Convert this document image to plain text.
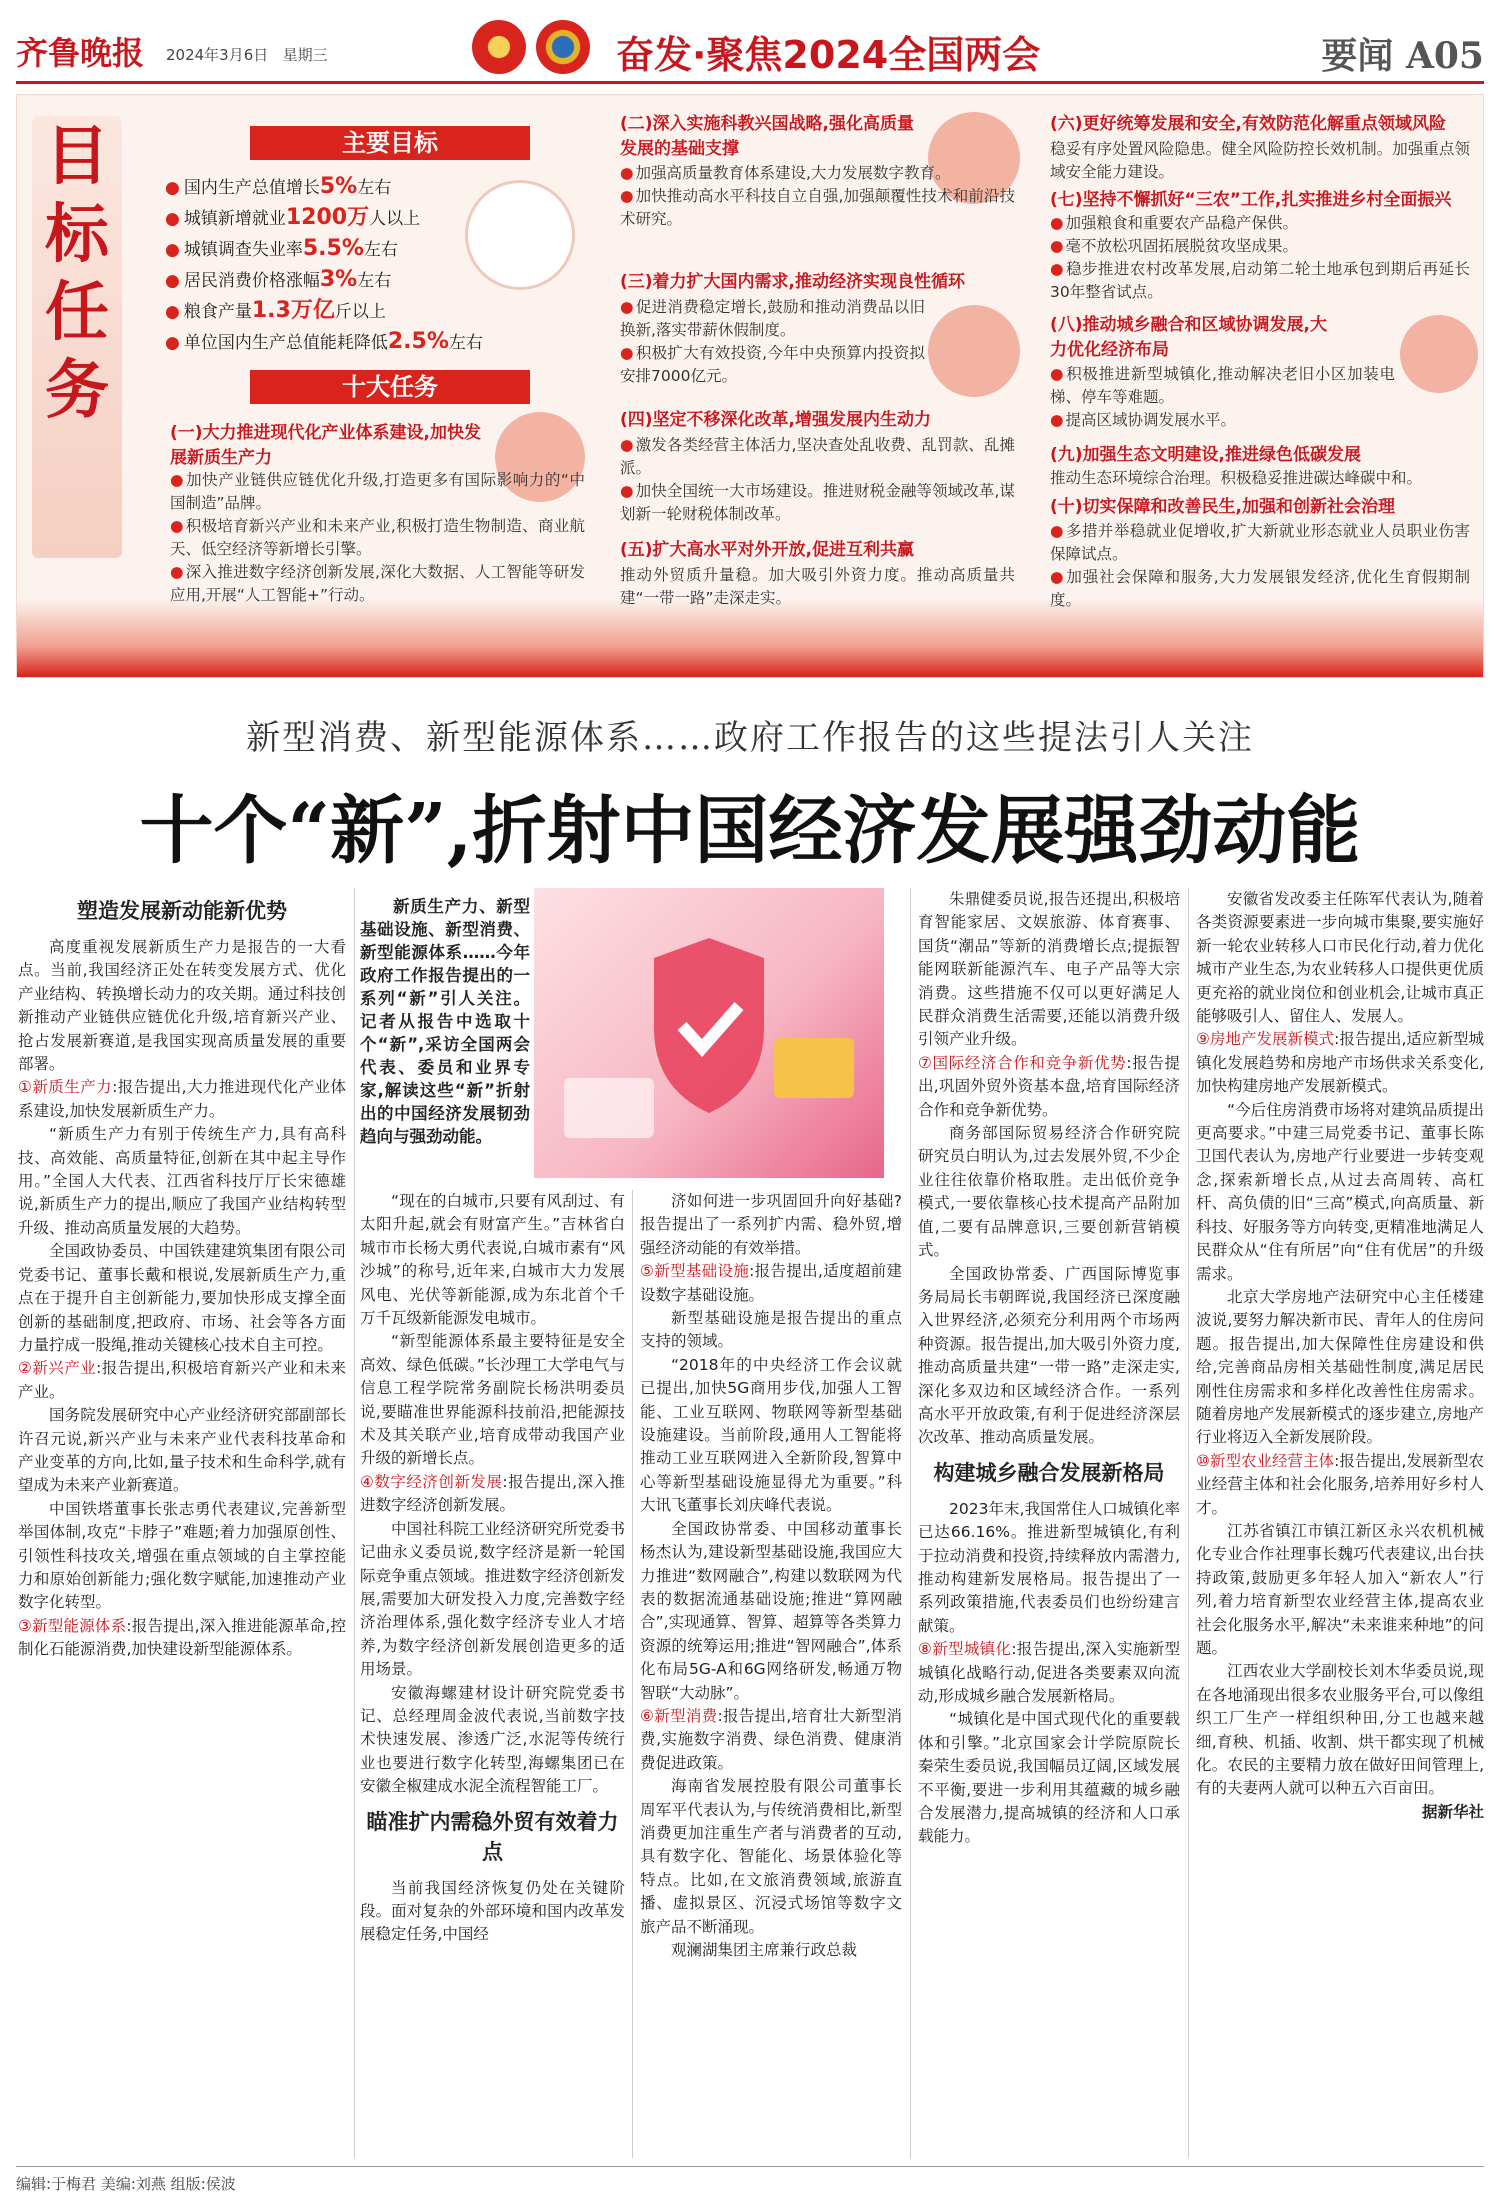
齐鲁晚报 2024年3月6日 星期三	奋发·聚焦2024全国两会	要闻 A05
目
标
任
务
主要目标
● 国内生产总值增长5%左右
● 城镇新增就业1200万人以上
● 城镇调查失业率5.5%左右
● 居民消费价格涨幅3%左右
● 粮食产量1.3万亿斤以上
● 单位国内生产总值能耗降低2.5%左右
十大任务
(一)大力推进现代化产业体系建设,加快发展新质生产力

● 加快产业链供应链优化升级,打造更多有国际影响力的“中国制造”品牌。

● 积极培育新兴产业和未来产业,积极打造生物制造、商业航天、低空经济等新增长引擎。

● 深入推进数字经济创新发展,深化大数据、人工智能等研发应用,开展“人工智能+”行动。

(二)深入实施科教兴国战略,强化高质量发展的基础支撑

● 加强高质量教育体系建设,大力发展数字教育。

● 加快推动高水平科技自立自强,加强颠覆性技术和前沿技术研究。

(三)着力扩大国内需求,推动经济实现良性循环

● 促进消费稳定增长,鼓励和推动消费品以旧换新,落实带薪休假制度。

● 积极扩大有效投资,今年中央预算内投资拟安排7000亿元。

(四)坚定不移深化改革,增强发展内生动力

● 激发各类经营主体活力,坚决查处乱收费、乱罚款、乱摊派。

● 加快全国统一大市场建设。推进财税金融等领域改革,谋划新一轮财税体制改革。

(五)扩大高水平对外开放,促进互利共赢
推动外贸质升量稳。加大吸引外资力度。推动高质量共建“一带一路”走深走实。
(六)更好统筹发展和安全,有效防范化解重点领域风险
稳妥有序处置风险隐患。健全风险防控长效机制。加强重点领域安全能力建设。
(七)坚持不懈抓好“三农”工作,扎实推进乡村全面振兴

● 加强粮食和重要农产品稳产保供。

● 毫不放松巩固拓展脱贫攻坚成果。

● 稳步推进农村改革发展,启动第二轮土地承包到期后再延长30年整省试点。

(八)推动城乡融合和区域协调发展,大力优化经济布局

● 积极推进新型城镇化,推动解决老旧小区加装电梯、停车等难题。

● 提高区域协调发展水平。

(九)加强生态文明建设,推进绿色低碳发展
推动生态环境综合治理。积极稳妥推进碳达峰碳中和。
(十)切实保障和改善民生,加强和创新社会治理

● 多措并举稳就业促增收,扩大新就业形态就业人员职业伤害保障试点。

● 加强社会保障和服务,大力发展银发经济,优化生育假期制度。

新型消费、新型能源体系……政府工作报告的这些提法引人关注
十个“新”,折射中国经济发展强劲动能
塑造发展新动能新优势

高度重视发展新质生产力是报告的一大看点。当前,我国经济正处在转变发展方式、优化产业结构、转换增长动力的攻关期。通过科技创新推动产业链供应链优化升级,培育新兴产业、抢占发展新赛道,是我国实现高质量发展的重要部署。

①新质生产力:报告提出,大力推进现代化产业体系建设,加快发展新质生产力。

“新质生产力有别于传统生产力,具有高科技、高效能、高质量特征,创新在其中起主导作用。”全国人大代表、江西省科技厅厅长宋德雄说,新质生产力的提出,顺应了我国产业结构转型升级、推动高质量发展的大趋势。

全国政协委员、中国铁建建筑集团有限公司党委书记、董事长戴和根说,发展新质生产力,重点在于提升自主创新能力,要加快形成支撑全面创新的基础制度,把政府、市场、社会等各方面力量拧成一股绳,推动关键核心技术自主可控。

②新兴产业:报告提出,积极培育新兴产业和未来产业。

国务院发展研究中心产业经济研究部副部长许召元说,新兴产业与未来产业代表科技革命和产业变革的方向,比如,量子技术和生命科学,就有望成为未来产业新赛道。

中国铁塔董事长张志勇代表建议,完善新型举国体制,攻克“卡脖子”难题;着力加强原创性、引领性科技攻关,增强在重点领域的自主掌控能力和原始创新能力;强化数字赋能,加速推动产业数字化转型。

③新型能源体系:报告提出,深入推进能源革命,控制化石能源消费,加快建设新型能源体系。

新质生产力、新型基础设施、新型消费、新型能源体系……今年政府工作报告提出的一系列“新”引人关注。记者从报告中选取十个“新”,采访全国两会代表、委员和业界专家,解读这些“新”折射出的中国经济发展韧劲趋向与强劲动能。

“现在的白城市,只要有风刮过、有太阳升起,就会有财富产生。”吉林省白城市市长杨大勇代表说,白城市素有“风沙城”的称号,近年来,白城市大力发展风电、光伏等新能源,成为东北首个千万千瓦级新能源发电城市。

“新型能源体系最主要特征是安全高效、绿色低碳。”长沙理工大学电气与信息工程学院常务副院长杨洪明委员说,要瞄准世界能源科技前沿,把能源技术及其关联产业,培育成带动我国产业升级的新增长点。

④数字经济创新发展:报告提出,深入推进数字经济创新发展。

中国社科院工业经济研究所党委书记曲永义委员说,数字经济是新一轮国际竞争重点领域。推进数字经济创新发展,需要加大研发投入力度,完善数字经济治理体系,强化数字经济专业人才培养,为数字经济创新发展创造更多的适用场景。

安徽海螺建材设计研究院党委书记、总经理周金波代表说,当前数字技术快速发展、渗透广泛,水泥等传统行业也要进行数字化转型,海螺集团已在安徽全椒建成水泥全流程智能工厂。

瞄准扩内需稳外贸有效着力点

当前我国经济恢复仍处在关键阶段。面对复杂的外部环境和国内改革发展稳定任务,中国经

济如何进一步巩固回升向好基础?报告提出了一系列扩内需、稳外贸,增强经济动能的有效举措。

⑤新型基础设施:报告提出,适度超前建设数字基础设施。

新型基础设施是报告提出的重点支持的领域。

“2018年的中央经济工作会议就已提出,加快5G商用步伐,加强人工智能、工业互联网、物联网等新型基础设施建设。当前阶段,通用人工智能将推动工业互联网进入全新阶段,智算中心等新型基础设施显得尤为重要。”科大讯飞董事长刘庆峰代表说。

全国政协常委、中国移动董事长杨杰认为,建设新型基础设施,我国应大力推进“数网融合”,构建以数联网为代表的数据流通基础设施;推进“算网融合”,实现通算、智算、超算等各类算力资源的统筹运用;推进“智网融合”,体系化布局5G-A和6G网络研发,畅通万物智联“大动脉”。

⑥新型消费:报告提出,培育壮大新型消费,实施数字消费、绿色消费、健康消费促进政策。

海南省发展控股有限公司董事长周军平代表认为,与传统消费相比,新型消费更加注重生产者与消费者的互动,具有数字化、智能化、场景体验化等特点。比如,在文旅消费领域,旅游直播、虚拟景区、沉浸式场馆等数字文旅产品不断涌现。

观澜湖集团主席兼行政总裁

朱鼎健委员说,报告还提出,积极培育智能家居、文娱旅游、体育赛事、国货“潮品”等新的消费增长点;提振智能网联新能源汽车、电子产品等大宗消费。这些措施不仅可以更好满足人民群众消费生活需要,还能以消费升级引领产业升级。

⑦国际经济合作和竞争新优势:报告提出,巩固外贸外资基本盘,培育国际经济合作和竞争新优势。

商务部国际贸易经济合作研究院研究员白明认为,过去发展外贸,不少企业往往依靠价格取胜。走出低价竞争模式,一要依靠核心技术提高产品附加值,二要有品牌意识,三要创新营销模式。

全国政协常委、广西国际博览事务局局长韦朝晖说,我国经济已深度融入世界经济,必须充分利用两个市场两种资源。报告提出,加大吸引外资力度,推动高质量共建“一带一路”走深走实,深化多双边和区域经济合作。一系列高水平开放政策,有利于促进经济深层次改革、推动高质量发展。

构建城乡融合发展新格局

2023年末,我国常住人口城镇化率已达66.16%。推进新型城镇化,有利于拉动消费和投资,持续释放内需潜力,推动构建新发展格局。报告提出了一系列政策措施,代表委员们也纷纷建言献策。

⑧新型城镇化:报告提出,深入实施新型城镇化战略行动,促进各类要素双向流动,形成城乡融合发展新格局。

“城镇化是中国式现代化的重要载体和引擎。”北京国家会计学院原院长秦荣生委员说,我国幅员辽阔,区域发展不平衡,要进一步利用其蕴藏的城乡融合发展潜力,提高城镇的经济和人口承载能力。

安徽省发改委主任陈军代表认为,随着各类资源要素进一步向城市集聚,要实施好新一轮农业转移人口市民化行动,着力优化城市产业生态,为农业转移人口提供更优质更充裕的就业岗位和创业机会,让城市真正能够吸引人、留住人、发展人。

⑨房地产发展新模式:报告提出,适应新型城镇化发展趋势和房地产市场供求关系变化,加快构建房地产发展新模式。

“今后住房消费市场将对建筑品质提出更高要求。”中建三局党委书记、董事长陈卫国代表认为,房地产行业要进一步转变观念,探索新增长点,从过去高周转、高杠杆、高负债的旧“三高”模式,向高质量、新科技、好服务等方向转变,更精准地满足人民群众从“住有所居”向“住有优居”的升级需求。

北京大学房地产法研究中心主任楼建波说,要努力解决新市民、青年人的住房问题。报告提出,加大保障性住房建设和供给,完善商品房相关基础性制度,满足居民刚性住房需求和多样化改善性住房需求。随着房地产发展新模式的逐步建立,房地产行业将迈入全新发展阶段。

⑩新型农业经营主体:报告提出,发展新型农业经营主体和社会化服务,培养用好乡村人才。

江苏省镇江市镇江新区永兴农机机械化专业合作社理事长魏巧代表建议,出台扶持政策,鼓励更多年轻人加入“新农人”行列,着力培育新型农业经营主体,提高农业社会化服务水平,解决“未来谁来种地”的问题。

江西农业大学副校长刘木华委员说,现在各地涌现出很多农业服务平台,可以像组织工厂生产一样组织种田,分工也越来越细,育秧、机插、收割、烘干都实现了机械化。农民的主要精力放在做好田间管理上,有的夫妻两人就可以种五六百亩田。

据新华社

编辑:于梅君 美编:刘燕 组版:侯波
